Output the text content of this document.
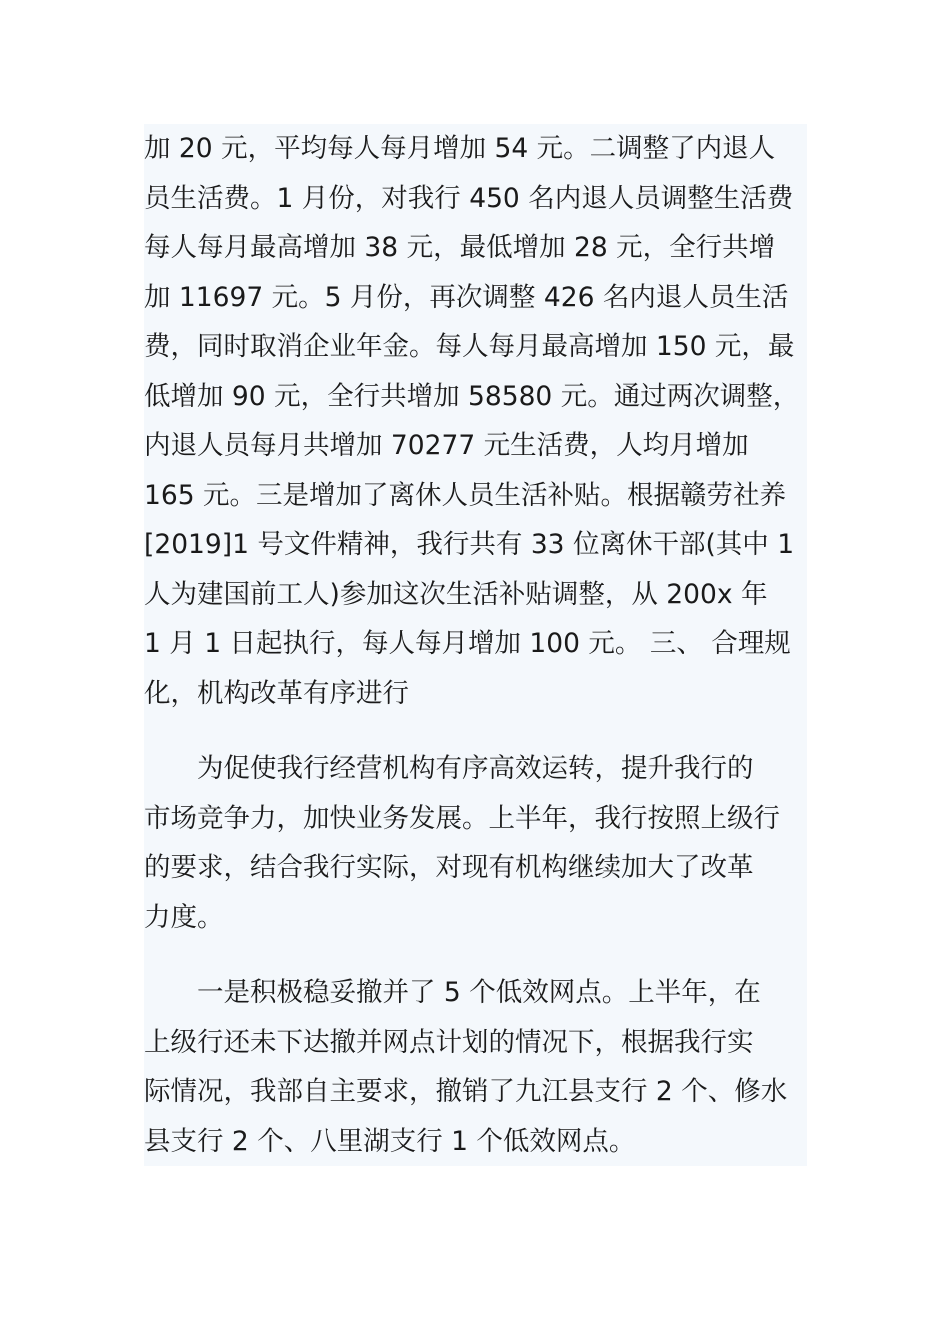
加 20 元，平均每人每月增加 54 元。二调整了内退人
员生活费。1 月份，对我行 450 名内退人员调整生活费
每人每月最高增加 38 元，最低增加 28 元，全行共增
加 11697 元。5 月份，再次调整 426 名内退人员生活
费，同时取消企业年金。每人每月最高增加 150 元，最
低增加 90 元，全行共增加 58580 元。通过两次调整，
内退人员每月共增加 70277 元生活费，人均月增加
165 元。三是增加了离休人员生活补贴。根据赣劳社养
[2019]1 号文件精神，我行共有 33 位离休干部(其中 1
人为建国前工人)参加这次生活补贴调整，从 200x 年
1 月 1 日起执行，每人每月增加 100 元。 三、 合理规
化，机构改革有序进行
为促使我行经营机构有序高效运转，提升我行的
市场竞争力，加快业务发展。上半年，我行按照上级行
的要求，结合我行实际，对现有机构继续加大了改革
力度。
一是积极稳妥撤并了 5 个低效网点。上半年，在
上级行还未下达撤并网点计划的情况下，根据我行实
际情况，我部自主要求，撤销了九江县支行 2 个、修水
县支行 2 个、八里湖支行 1 个低效网点。
